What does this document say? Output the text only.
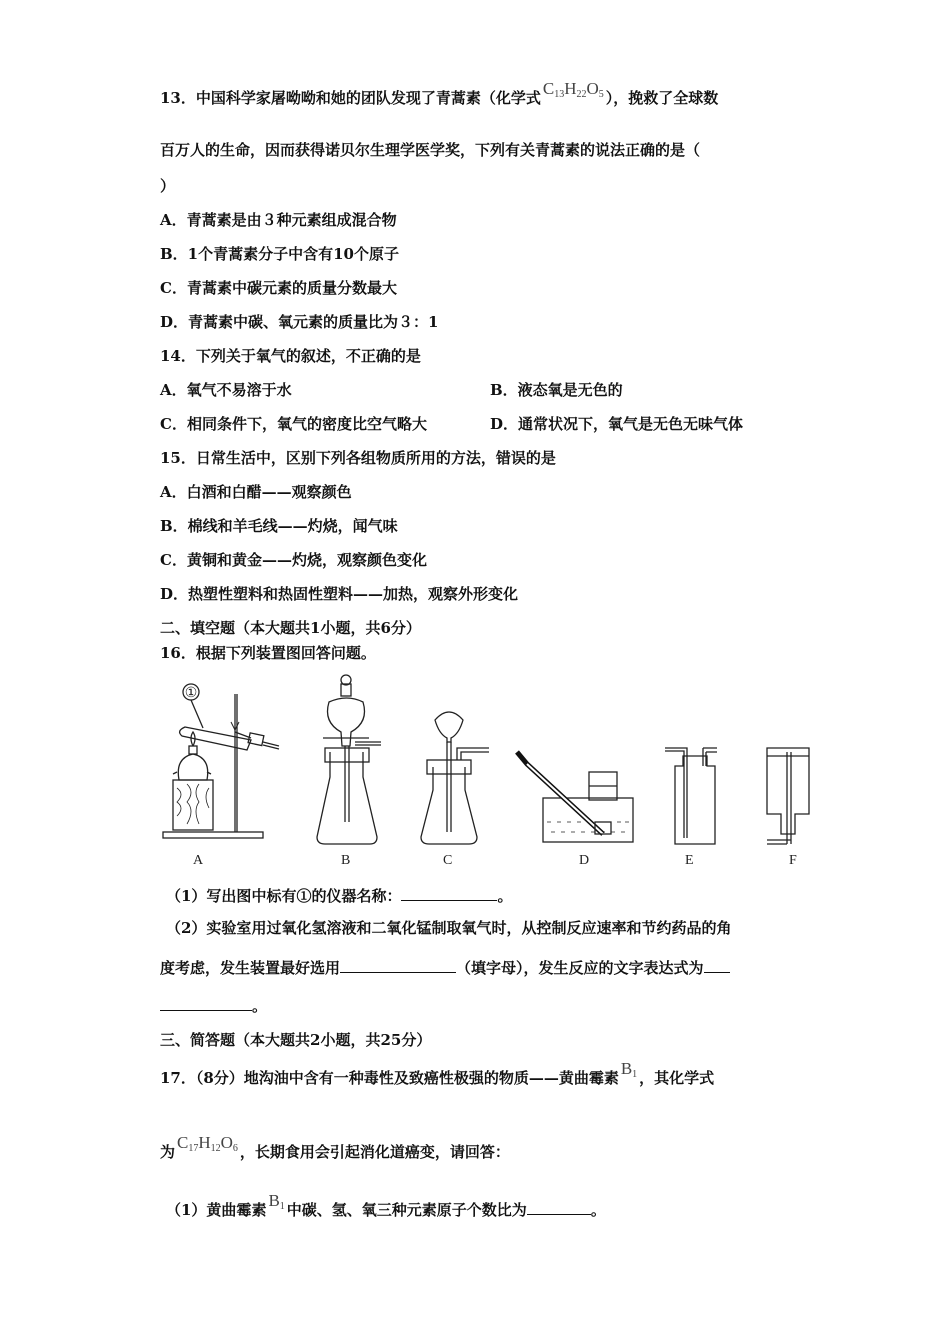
13．中国科学家屠呦呦和她的团队发现了青蒿素（化学式 $C_{13}H_{22}O_5$ ），挽救了全球数
百万人的生命，因而获得诺贝尔生理学医学奖，下列有关青蒿素的说法正确的是（
）
A．青蒿素是由３种元素组成混合物
B．1个青蒿素分子中含有10个原子
C．青蒿素中碳元素的质量分数最大
D．青蒿素中碳、氧元素的质量比为３：1
14．下列关于氧气的叙述，不正确的是
A．氧气不易溶于水	B．液态氧是无色的
C．相同条件下，氧气的密度比空气略大	D．通常状况下，氧气是无色无味气体
15．日常生活中，区别下列各组物质所用的方法，错误的是
A．白酒和白醋——观察颜色
B．棉线和羊毛线——灼烧，闻气味
C．黄铜和黄金——灼烧，观察颜色变化
D．热塑性塑料和热固性塑料——加热，观察外形变化
二、填空题（本大题共1小题，共6分）
16．根据下列装置图回答问题。
①
A	B	C	D	E	F
（1）写出图中标有①的仪器名称：	。
（2）实验室用过氧化氢溶液和二氧化锰制取氧气时，从控制反应速率和节约药品的角
度考虑，发生装置最好选用	（填字母），发生反应的文字表达式为
。
三、简答题（本大题共2小题，共25分）
17．（8分）地沟油中含有一种毒性及致癌性极强的物质——黄曲霉素 $B_1$ ，其化学式
为 $C_{17}H_{12}O_6$ ，长期食用会引起消化道癌变，请回答：
（1）黄曲霉素 $B_1$ 中碳、氢、氧三种元素原子个数比为	。
